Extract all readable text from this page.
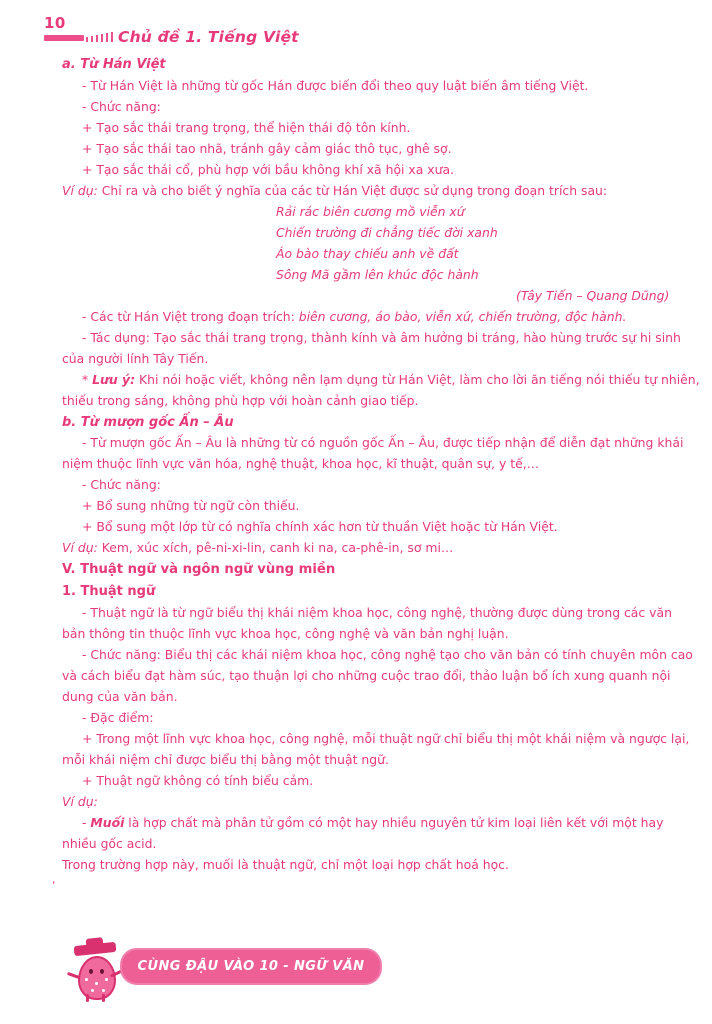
10
Chủ đề 1. Tiếng Việt

a. Từ Hán Việt

- Từ Hán Việt là những từ gốc Hán được biến đổi theo quy luật biến âm tiếng Việt.

- Chức năng:

+ Tạo sắc thái trang trọng, thể hiện thái độ tôn kính.

+ Tạo sắc thái tao nhã, tránh gây cảm giác thô tục, ghê sợ.

+ Tạo sắc thái cổ, phù hợp với bầu không khí xã hội xa xưa.

Ví dụ: Chỉ ra và cho biết ý nghĩa của các từ Hán Việt được sử dụng trong đoạn trích sau:

Rải rác biên cương mồ viễn xứ

Chiến trường đi chẳng tiếc đời xanh

Áo bào thay chiếu anh về đất

Sông Mã gầm lên khúc độc hành

(Tây Tiến – Quang Dũng)

- Các từ Hán Việt trong đoạn trích: biên cương, áo bào, viễn xứ, chiến trường, độc hành.

- Tác dụng: Tạo sắc thái trang trọng, thành kính và âm hưởng bi tráng, hào hùng trước sự hi sinh

của người lính Tây Tiến.

* Lưu ý: Khi nói hoặc viết, không nên lạm dụng từ Hán Việt, làm cho lời ăn tiếng nói thiếu tự nhiên,

thiếu trong sáng, không phù hợp với hoàn cảnh giao tiếp.

b. Từ mượn gốc Ấn – Âu

- Từ mượn gốc Ấn – Âu là những từ có nguồn gốc Ấn – Âu, được tiếp nhận để diễn đạt những khái

niệm thuộc lĩnh vực văn hóa, nghệ thuật, khoa học, kĩ thuật, quân sự, y tế,…

- Chức năng:

+ Bổ sung những từ ngữ còn thiếu.

+ Bổ sung một lớp từ có nghĩa chính xác hơn từ thuần Việt hoặc từ Hán Việt.

Ví dụ: Kem, xúc xích, pê-ni-xi-lin, canh ki na, ca-phê-in, sơ mi…

V. Thuật ngữ và ngôn ngữ vùng miền

1. Thuật ngữ

- Thuật ngữ là từ ngữ biểu thị khái niệm khoa học, công nghệ, thường được dùng trong các văn

bản thông tin thuộc lĩnh vực khoa học, công nghệ và văn bản nghị luận.

- Chức năng: Biểu thị các khái niệm khoa học, công nghệ tạo cho văn bản có tính chuyên môn cao

và cách biểu đạt hàm súc, tạo thuận lợi cho những cuộc trao đổi, thảo luận bổ ích xung quanh nội

dung của văn bản.

- Đặc điểm:

+ Trong một lĩnh vực khoa học, công nghệ, mỗi thuật ngữ chỉ biểu thị một khái niệm và ngược lại,

mỗi khái niệm chỉ được biểu thị bằng một thuật ngữ.

+ Thuật ngữ không có tính biểu cảm.

Ví dụ:

- Muối là hợp chất mà phân tử gồm có một hay nhiều nguyên tử kim loại liên kết với một hay

nhiều gốc acid.

Trong trường hợp này, muối là thuật ngữ, chỉ một loại hợp chất hoá học.

,
CÙNG ĐẬU VÀO 10 - NGỮ VĂN
